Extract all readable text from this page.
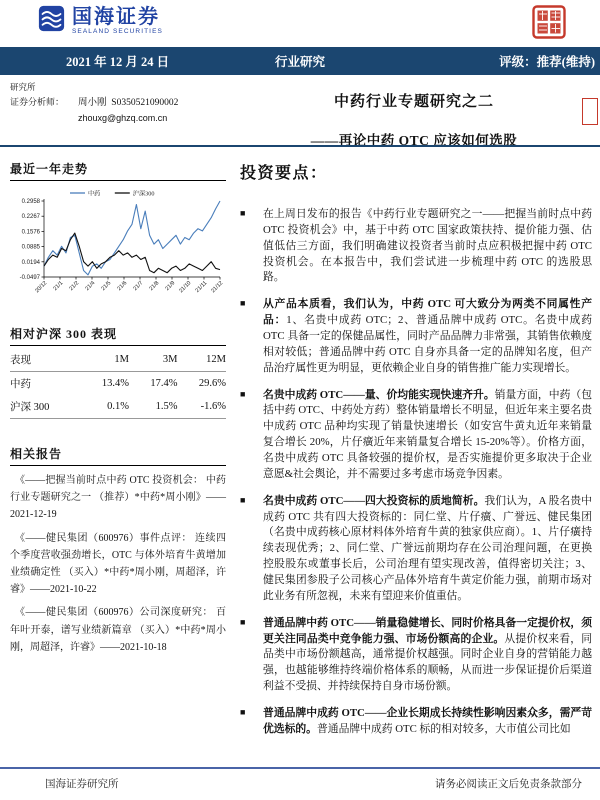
国海证券
SEALAND SECURITIES
2021 年 12 月 24 日	行业研究	评级：推荐(维持)
研究所
证券分析师： 周小刚 S0350521090002
zhouxg@ghzq.com.cn

中药行业专题研究之二

——再论中药 OTC 应该如何选股

最近一年走势
0.2958
0.2267
0.1576
0.0885
0.0194
-0.0497
20/12 21/1 21/2 21/4 21/5 21/6 21/7 21/8 21/9 21/10 21/11 21/12
中药	沪深300
相对沪深 300 表现
表现	1M	3M	12M
中药	13.4%	17.4%	29.6%
沪深 300	0.1%	1.5%	-1.6%
相关报告

《——把握当前时点中药 OTC 投资机会： 中药行业专题研究之一 （推荐）*中药*周小刚》——2021-12-19

《——健民集团（600976）事件点评： 连续四个季度营收强劲增长，OTC 与体外培育牛黄增加业绩确定性 （买入）*中药*周小刚，周超泽，许睿》——2021-10-22

《——健民集团（600976）公司深度研究： 百年叶开泰，谱写业绩新篇章 （买入）*中药*周小刚，周超泽，许睿》——2021-10-18

投资要点：
■ 在上周日发布的报告《中药行业专题研究之一——把握当前时点中药 OTC 投资机会》中，基于中药 OTC 国家政策扶持、提价能力强、估值低估三方面，我们明确建议投资者当前时点应积极把握中药 OTC 投资机会。在本报告中，我们尝试进一步梳理中药 OTC 的选股思路。
■ 从产品本质看，我们认为，中药 OTC 可大致分为两类不同属性产品：1、名贵中成药 OTC；2、普通品牌中成药 OTC。名贵中成药 OTC 具备一定的保健品属性，同时产品品牌力非常强，其销售依赖度相对较低；普通品牌中药 OTC 自身亦具备一定的品牌知名度，但产品治疗属性更为明显，更依赖企业自身的销售推广能力实现增长。
■ 名贵中成药 OTC——量、价均能实现快速齐升。销量方面，中药（包括中药 OTC、中药处方药）整体销量增长不明显，但近年来主要名贵中成药 OTC 品种均实现了销量快速增长（如安宫牛黄丸近年来销量复合增长 20%，片仔癀近年来销量复合增长 15-20%等）。价格方面，名贵中成药 OTC 具备较强的提价权，是否实施提价更多取决于企业意愿&社会舆论，并不需要过多考虑市场竞争因素。
■ 名贵中成药 OTC——四大投资标的质地简析。我们认为，A 股名贵中成药 OTC 共有四大投资标的：同仁堂、片仔癀、广誉远、健民集团（名贵中成药核心原材料体外培育牛黄的独家供应商）。1、片仔癀持续表现优秀；2、同仁堂、广誉远前期均存在公司治理问题，在更换控股股东或董事长后，公司治理有望实现改善，值得密切关注；3、健民集团参股子公司核心产品体外培育牛黄定价能力强，前期市场对此业务有所忽视，未来有望迎来价值重估。
■ 普通品牌中药 OTC——销量稳健增长、同时价格具备一定提价权，须更关注同品类中竞争能力强、市场份额高的企业。从提价权来看，同品类中市场份额越高，通常提价权越强。同时企业自身的营销能力越强，也越能够维持终端价格体系的顺畅，从而进一步保证提价后渠道利益不受损、并持续保持自身市场份额。
■ 普通品牌中成药 OTC——企业长期成长持续性影响因素众多，需严苛优选标的。普通品牌中成药 OTC 标的相对较多，大市值公司比如
国海证券研究所	请务必阅读正文后免责条款部分
